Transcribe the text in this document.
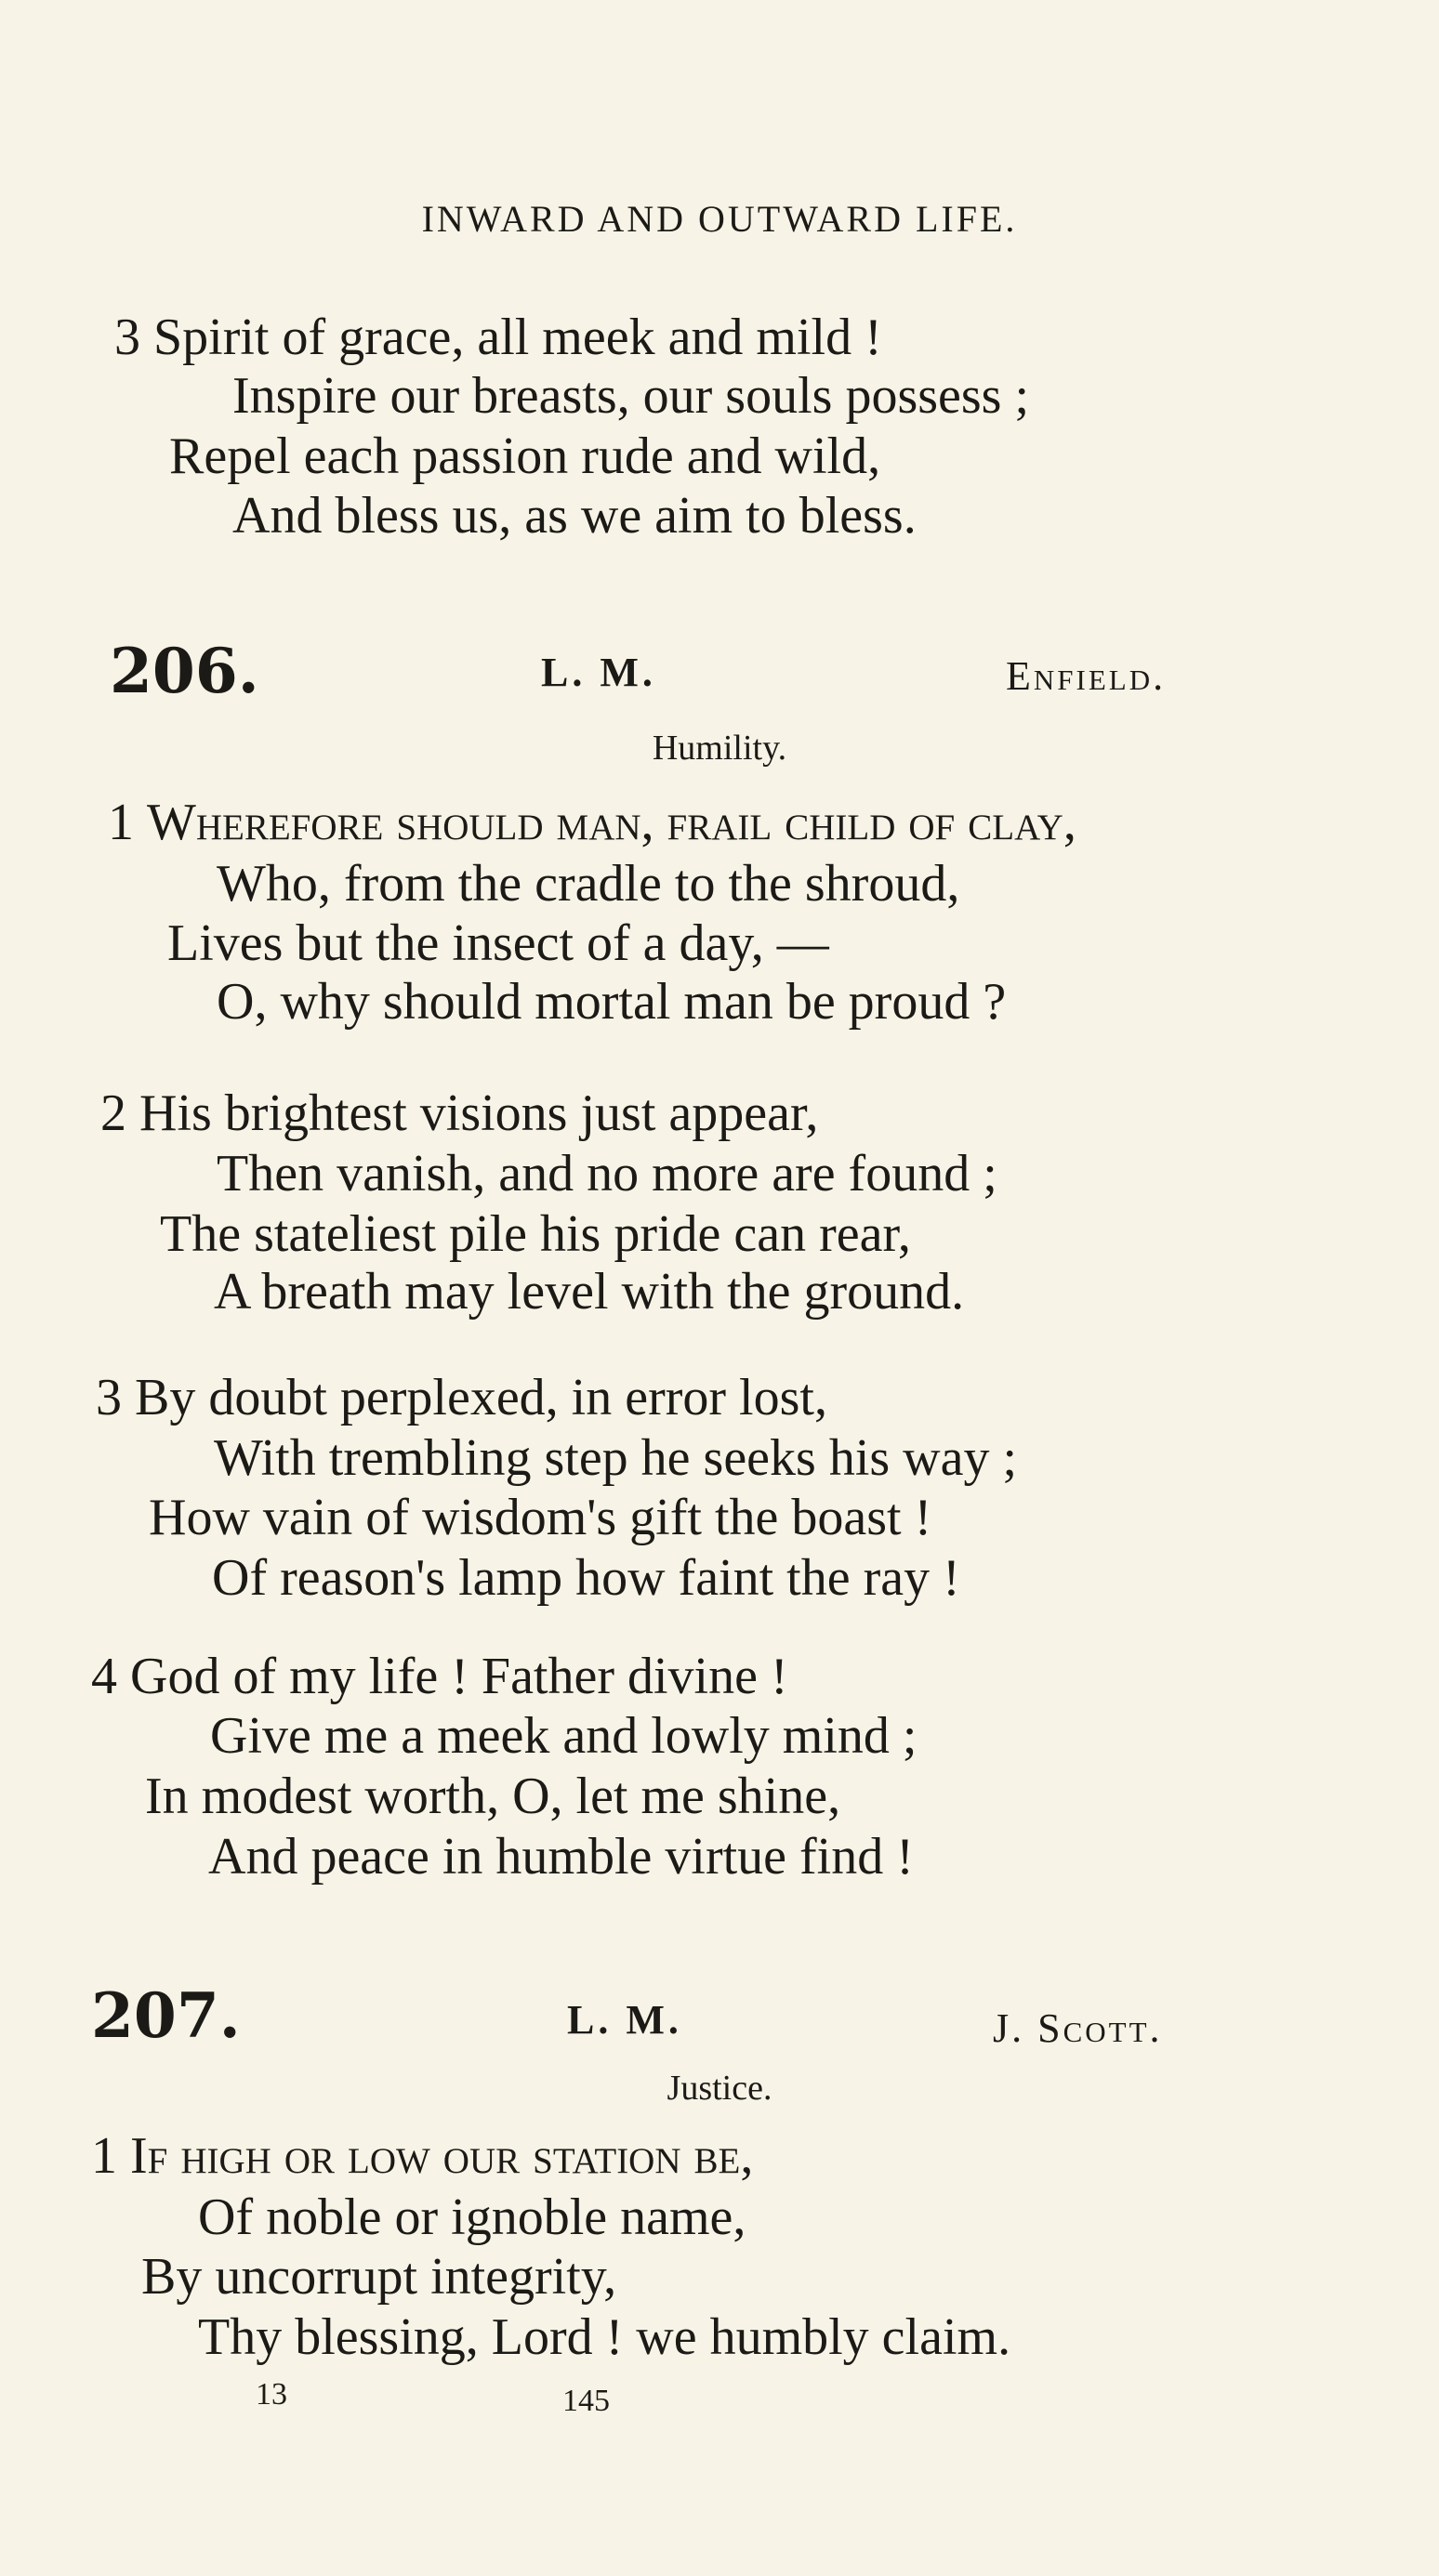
INWARD AND OUTWARD LIFE.
3 Spirit of grace, all meek and mild !
Inspire our breasts, our souls possess ;
Repel each passion rude and wild,
And bless us, as we aim to bless.
206.	L. M.	Enfield.
Humility.
1 Wherefore should man, frail child of clay,
Who, from the cradle to the shroud,
Lives but the insect of a day, —
O, why should mortal man be proud ?
2 His brightest visions just appear,
Then vanish, and no more are found ;
The stateliest pile his pride can rear,
A breath may level with the ground.
3 By doubt perplexed, in error lost,
With trembling step he seeks his way ;
How vain of wisdom's gift the boast !
Of reason's lamp how faint the ray !
4 God of my life ! Father divine !
Give me a meek and lowly mind ;
In modest worth, O, let me shine,
And peace in humble virtue find !
207.	L. M.	J. Scott.
Justice.
1 If high or low our station be,
Of noble or ignoble name,
By uncorrupt integrity,
Thy blessing, Lord ! we humbly claim.
13	145
